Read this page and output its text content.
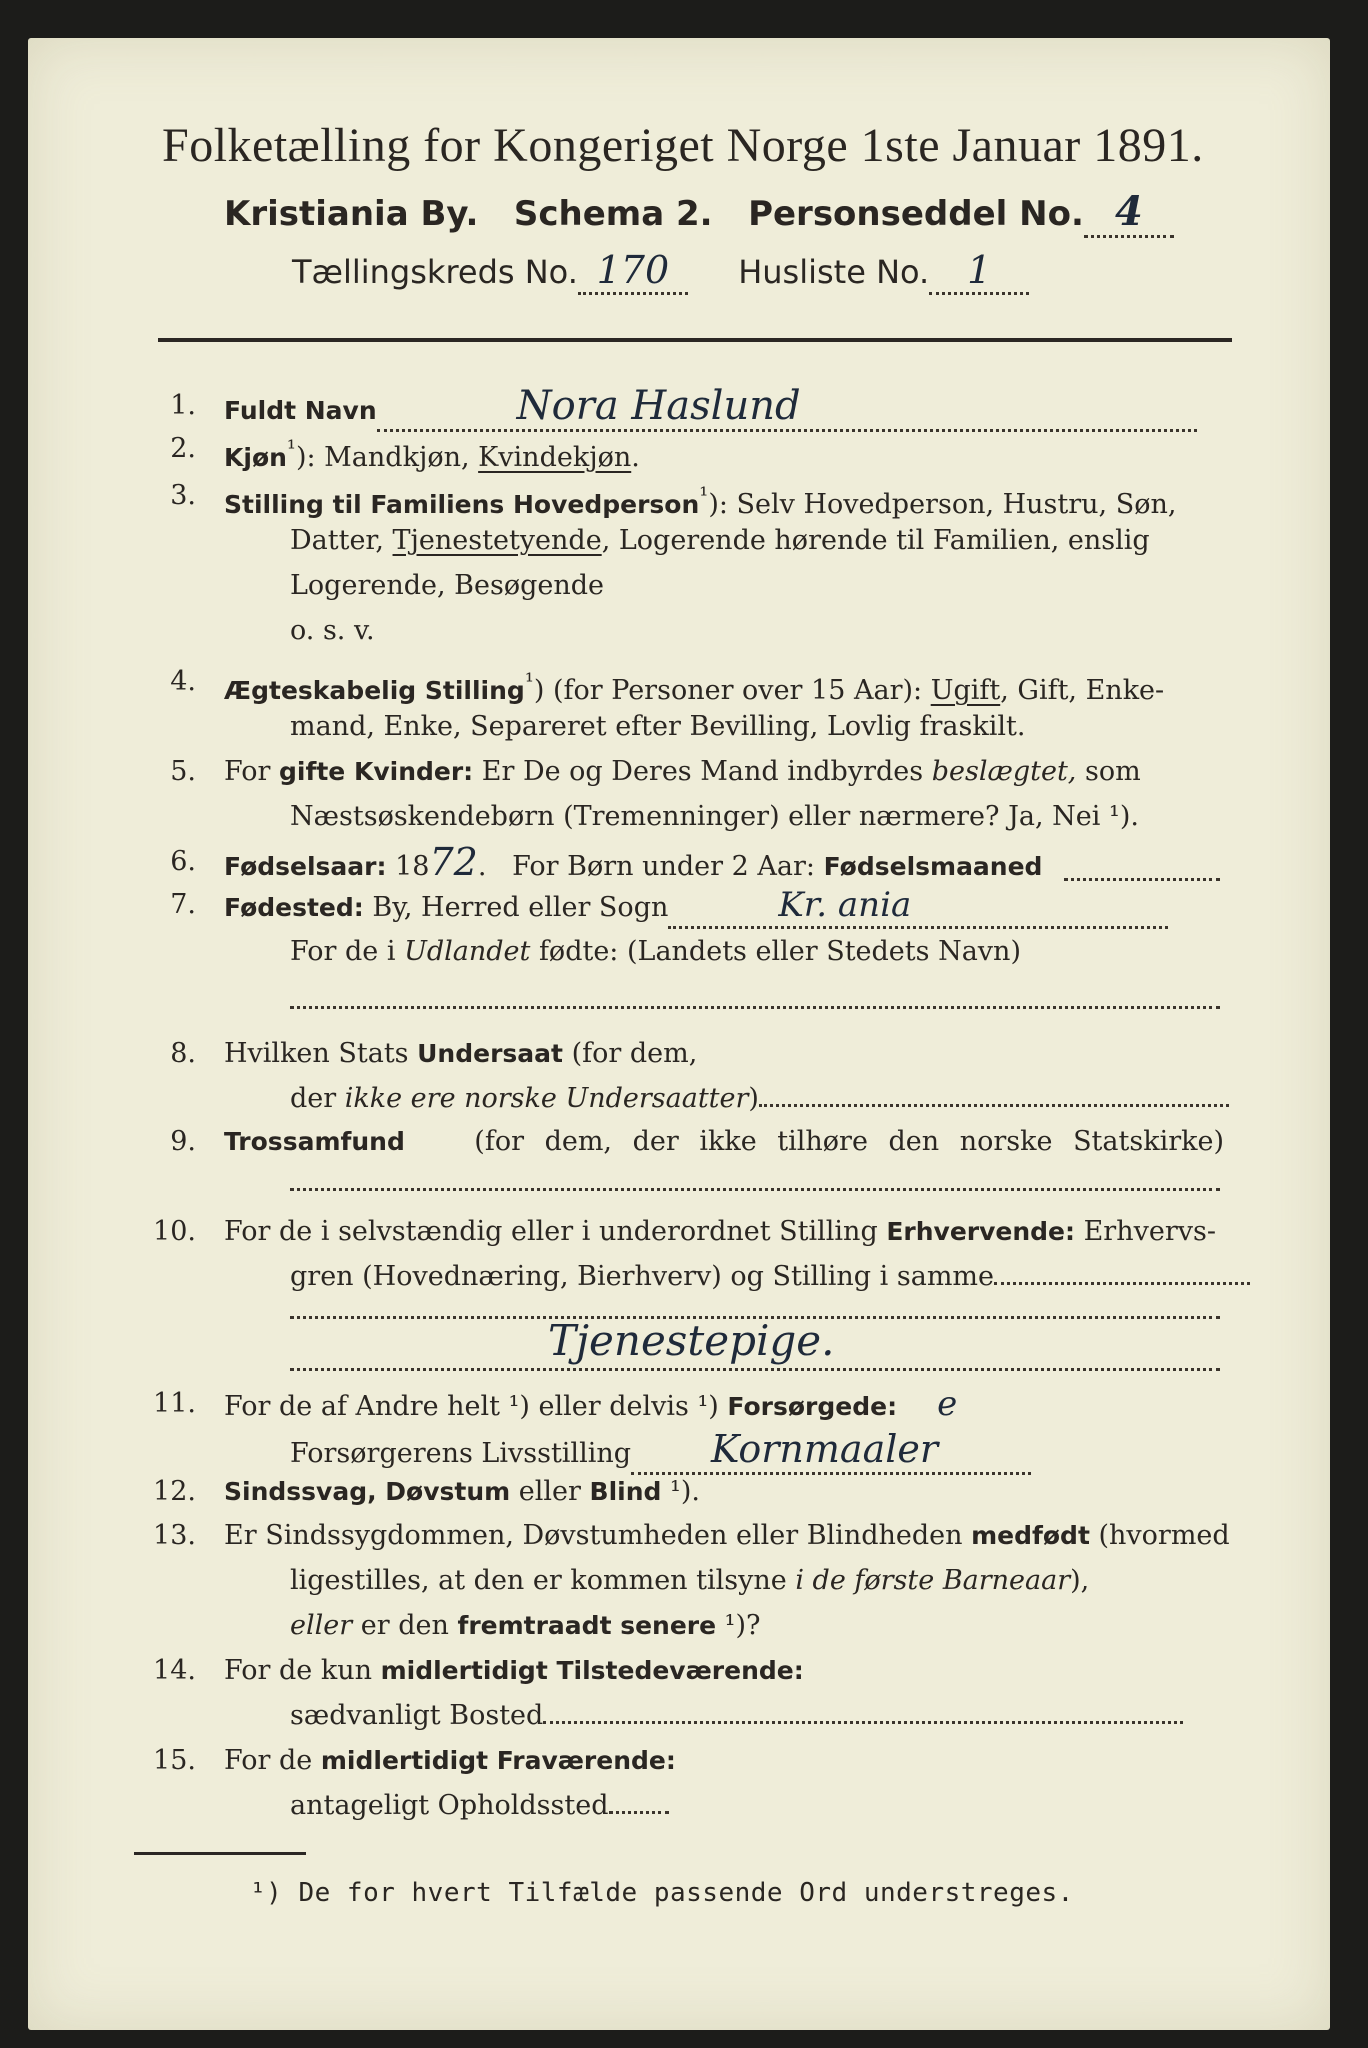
Folketælling for Kongeriget Norge 1ste Januar 1891.
Kristiania By.   Schema 2.   Personseddel No. 4
Tællingskreds No. 170 Husliste No. 1
1. Fuldt Navn	Nora Haslund
2. Kjøn$^{^1}$): Mandkjøn, Kvindekjøn.
3. Stilling til Familiens Hovedperson$^{^1}$): Selv Hovedperson, Hustru, Søn,
Datter, Tjenestetyende, Logerende hørende til Familien, enslig
Logerende, Besøgende
o. s. v.
4. Ægteskabelig Stilling$^{^1}$) (for Personer over 15 Aar): Ugift, Gift, Enke-
mand, Enke, Separeret efter Bevilling, Lovlig fraskilt.
5. For gifte Kvinder: Er De og Deres Mand indbyrdes beslægtet, som
Næstsøskendebørn (Tremenninger) eller nærmere? Ja, Nei ¹).
6. Fødselsaar: 1872.   For Børn under 2 Aar: Fødselsmaaned
7. Fødested: By, Herred eller Sogn	Kr. ania
For de i Udlandet fødte: (Landets eller Stedets Navn)
8. Hvilken Stats Undersaat (for dem,
der ikke ere norske Undersaatter)
9. Trossamfund	(for dem, der ikke tilhøre den norske Statskirke)
10. For de i selvstændig eller i underordnet Stilling Erhvervende: Erhvervs-
gren (Hovednæring, Bierhverv) og Stilling i samme
Tjenestepige.
11. For de af Andre helt ¹) eller delvis ¹) Forsørgede: e
Forsørgerens Livsstilling Kornmaaler
12. Sindssvag, Døvstum eller Blind ¹).
13. Er Sindssygdommen, Døvstumheden eller Blindheden medfødt (hvormed
ligestilles, at den er kommen tilsyne i de første Barneaar),
eller er den fremtraadt senere ¹)?
14. For de kun midlertidigt Tilstedeværende:
sædvanligt Bosted
15. For de midlertidigt Fraværende:
antageligt Opholdssted
¹) De for hvert Tilfælde passende Ord understreges.
